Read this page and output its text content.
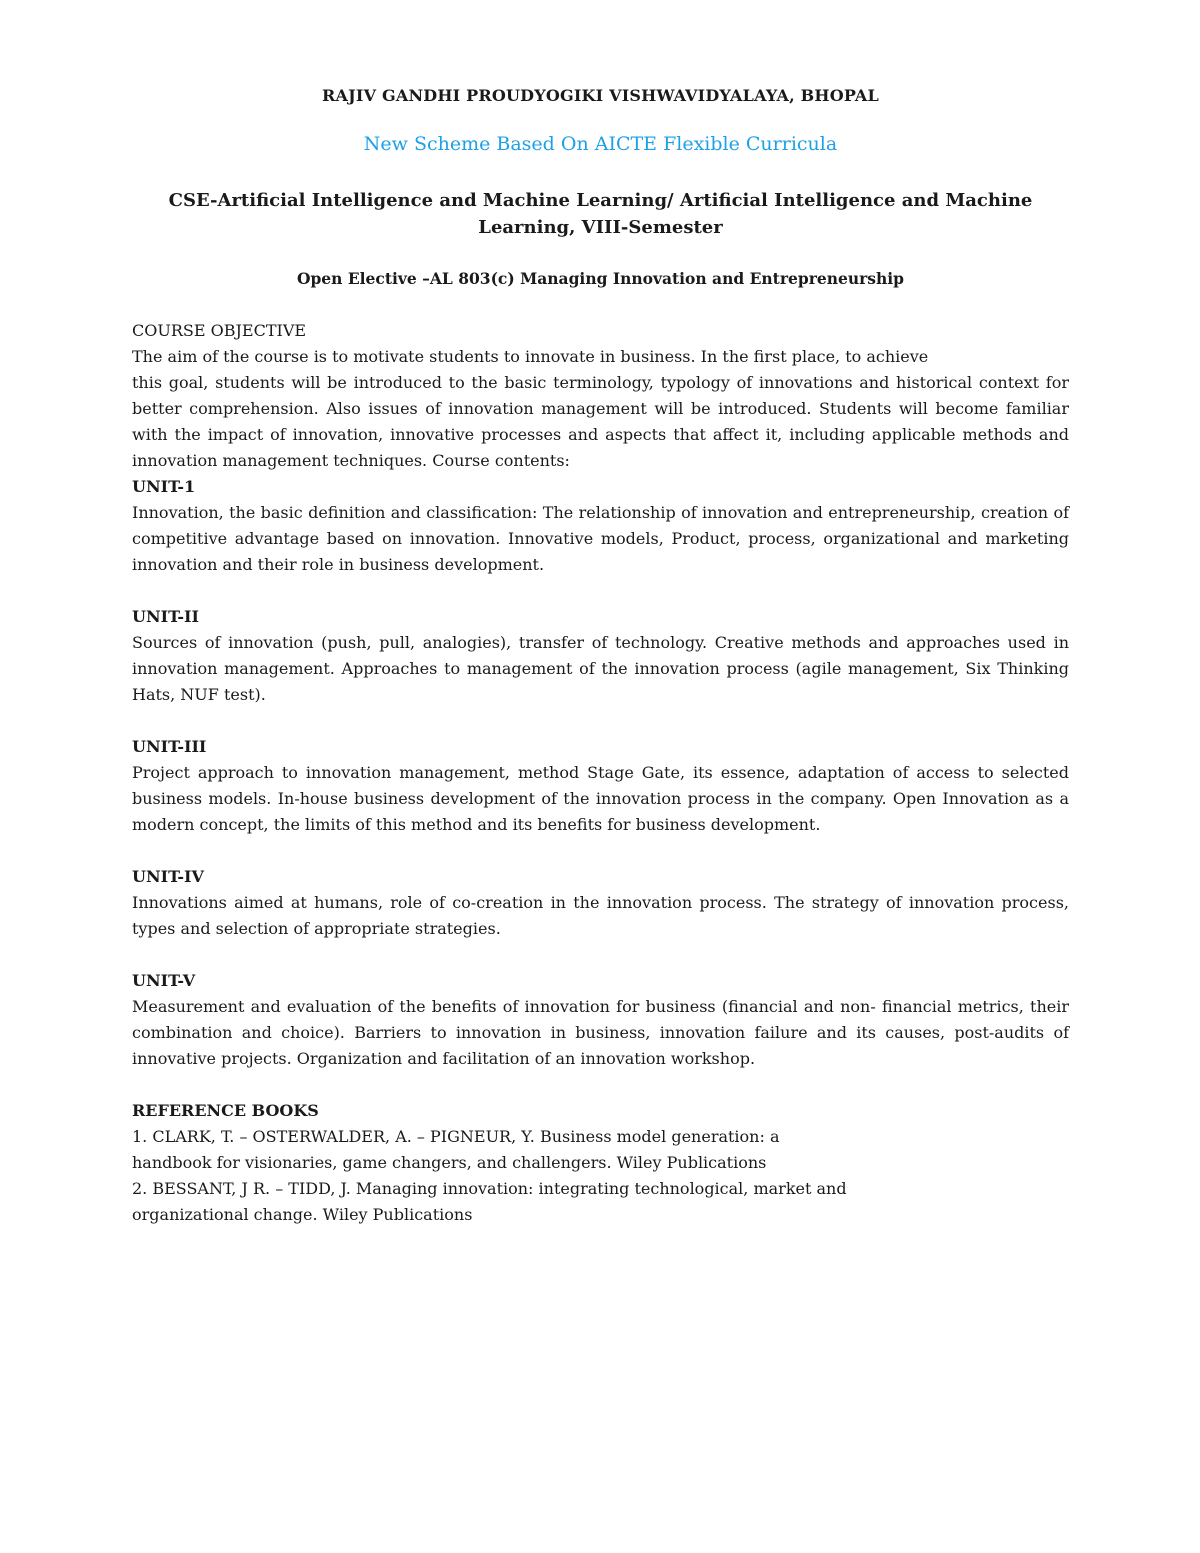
RAJIV GANDHI PROUDYOGIKI VISHWAVIDYALAYA, BHOPAL
New Scheme Based On AICTE Flexible Curricula
CSE-Artificial Intelligence and Machine Learning/ Artificial Intelligence and Machine
Learning, VIII-Semester
Open Elective –AL 803(c) Managing Innovation and Entrepreneurship
COURSE OBJECTIVE
The aim of the course is to motivate students to innovate in business. In the first place, to achieve
this goal, students will be introduced to the basic terminology, typology of innovations and historical context for better comprehension. Also issues of innovation management will be introduced. Students will become familiar with the impact of innovation, innovative processes and aspects that affect it, including applicable methods and innovation management techniques. Course contents:
UNIT-1
Innovation, the basic definition and classification: The relationship of innovation and entrepreneurship, creation of competitive advantage based on innovation. Innovative models, Product, process, organizational and marketing innovation and their role in business development.
UNIT-II
Sources of innovation (push, pull, analogies), transfer of technology. Creative methods and approaches used in innovation management. Approaches to management of the innovation process (agile management, Six Thinking Hats, NUF test).
UNIT-III
Project approach to innovation management, method Stage Gate, its essence, adaptation of access to selected business models. In-house business development of the innovation process in the company. Open Innovation as a modern concept, the limits of this method and its benefits for business development.
UNIT-IV
Innovations aimed at humans, role of co-creation in the innovation process. The strategy of innovation process, types and selection of appropriate strategies.
UNIT-V
Measurement and evaluation of the benefits of innovation for business (financial and non- financial metrics, their combination and choice). Barriers to innovation in business, innovation failure and its causes, post-audits of innovative projects. Organization and facilitation of an innovation workshop.
REFERENCE BOOKS
1. CLARK, T. – OSTERWALDER, A. – PIGNEUR, Y. Business model generation: a
handbook for visionaries, game changers, and challengers. Wiley Publications
2. BESSANT, J R. – TIDD, J. Managing innovation: integrating technological, market and
organizational change. Wiley Publications
